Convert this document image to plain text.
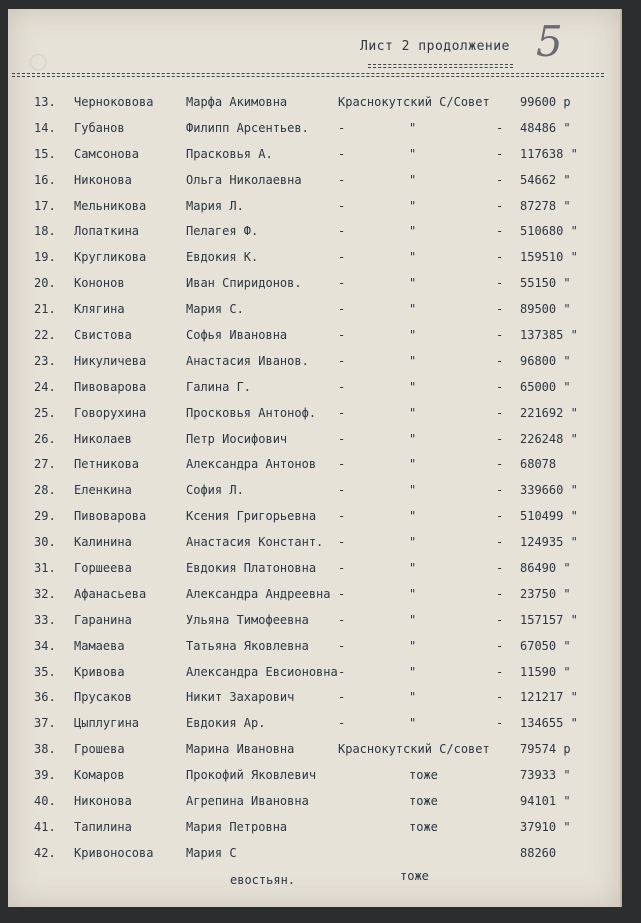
○	5
Лист 2 продолжение
13. Черноковова	Марфа Акимовна	Краснокутский С/Совет	99600 р
14. Губанов	Филипп Арсентьев. -	"	- 48486 "
15. Самсонова	Прасковья А.	-	"	- 117638 "
16. Никонова	Ольга Николаевна	-	"	- 54662 "
17. Мельникова	Мария Л.	-	"	- 87278 "
18. Лопаткина	Пелагея Ф.	-	"	- 510680 "
19. Кругликова	Евдокия К.	-	"	- 159510 "
20. Кононов	Иван Спиридонов.	-	"	- 55150 "
21. Клягина	Мария С.	-	"	- 89500 "
22. Свистова	Софья Ивановна	-	"	- 137385 "
23. Никуличева	Анастасия Иванов. -	"	- 96800 "
24. Пивоварова	Галина Г.	-	"	- 65000 "
25. Говорухина	Просковья Антоноф. -	"	- 221692 "
26. Николаев	Петр Иосифович	-	"	- 226248 "
27. Петникова	Александра Антонов -	"	- 68078
28. Еленкина	София Л.	-	"	- 339660 "
29. Пивоварова	Ксения Григорьевна -	"	- 510499 "
30. Калинина	Анастасия Констант. -	"	- 124935 "
31. Горшеева	Евдокия Платоновна -	"	- 86490 "
32. Афанасьева	Александра Андреевна -	"	- 23750 "
33. Гаранина	Ульяна Тимофеевна -	"	- 157157 "
34. Мамаева	Татьяна Яковлевна -	"	- 67050 "
35. Кривова	Александра Евсионовна -	"	- 11590 "
36. Прусаков	Никит Захарович	-	"	- 121217 "
37. Цыплугина	Евдокия Ар.	-	"	- 134655 "
38. Грошева	Марина Ивановна	Краснокутский С/совет	79574 р
39. Комаров	Прокофий Яковлевич	тоже	73933 "
40. Никонова	Агрепина Ивановна	тоже	94101 "
41. Тапилина	Мария Петровна	тоже	37910 "
42. Кривоносова	Мария С	88260
евостьян.	тоже
